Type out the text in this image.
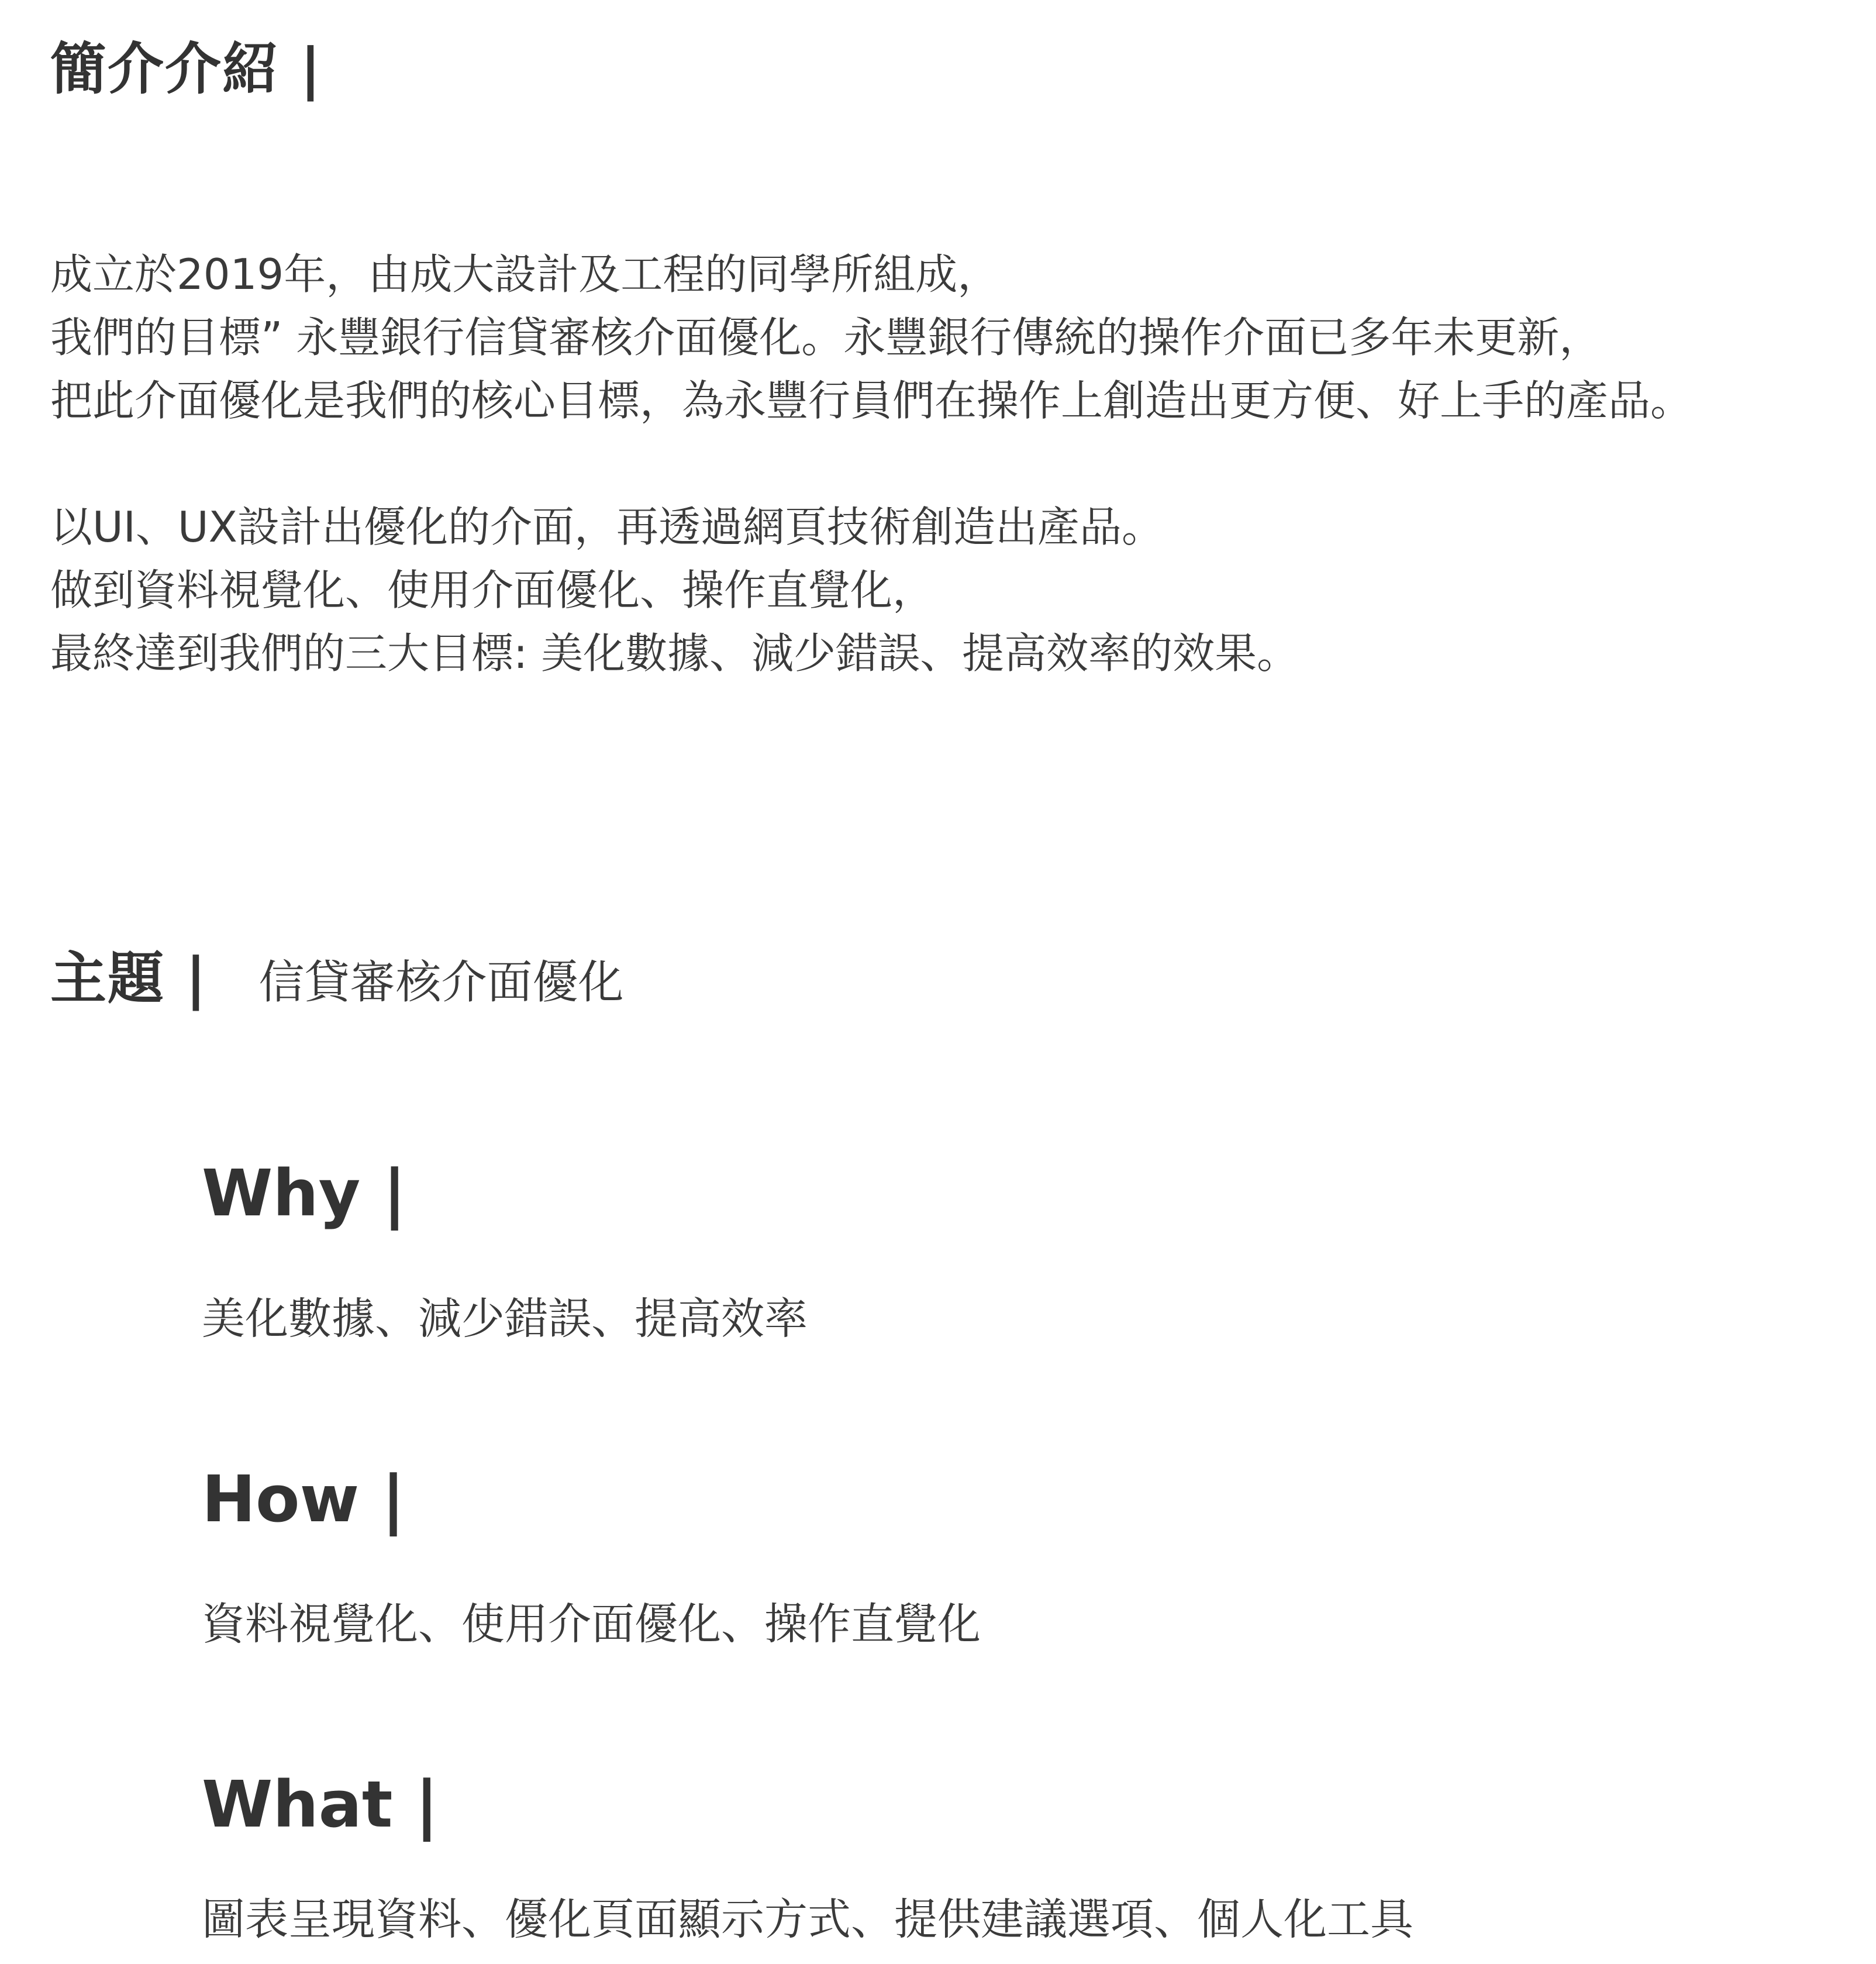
簡介介紹 |

成立於2019年，由成大設計及工程的同學所組成，

我們的目標” 永豐銀行信貸審核介面優化。永豐銀行傳統的操作介面已多年未更新，

把此介面優化是我們的核心目標，為永豐行員們在操作上創造出更方便、好上手的產品。

以UI、UX設計出優化的介面，再透過網頁技術創造出產品。

做到資料視覺化、使用介面優化、操作直覺化，

最終達到我們的三大目標: 美化數據、減少錯誤、提高效率的效果。

主題 | 信貸審核介面優化
Why |
美化數據、減少錯誤、提高效率
How |
資料視覺化、使用介面優化、操作直覺化
What |
圖表呈現資料、優化頁面顯示方式、提供建議選項、個人化工具
